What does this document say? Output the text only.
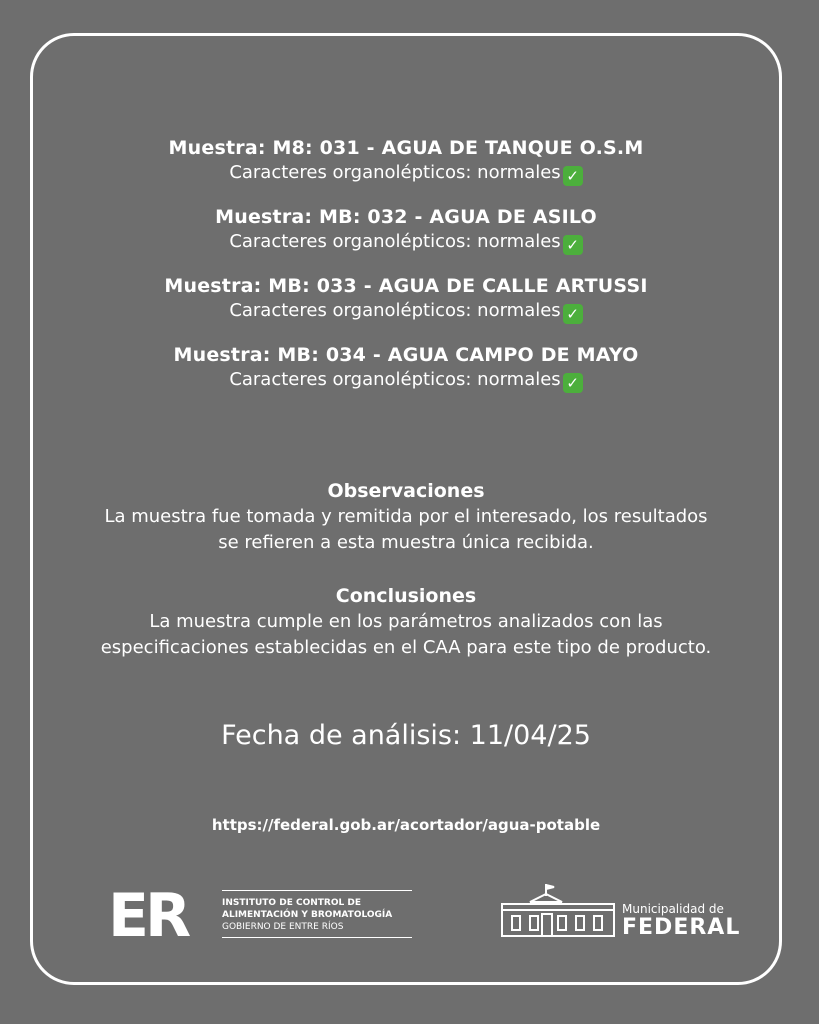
Muestra: M8: 031 - AGUA DE TANQUE O.S.M
Caracteres organolépticos: normales ✓
Muestra: MB: 032 - AGUA DE ASILO
Caracteres organolépticos: normales ✓
Muestra: MB: 033 - AGUA DE CALLE ARTUSSI
Caracteres organolépticos: normales ✓
Muestra: MB: 034 - AGUA CAMPO DE MAYO
Caracteres organolépticos: normales ✓
Observaciones
La muestra fue tomada y remitida por el interesado, los resultados se refieren a esta muestra única recibida.
Conclusiones
La muestra cumple en los parámetros analizados con las especificaciones establecidas en el CAA para este tipo de producto.
Fecha de análisis: 11/04/25
https://federal.gob.ar/acortador/agua-potable
ER	INSTITUTO DE CONTROL DE
ALIMENTACIÓN Y BROMATOLOGÍA
GOBIERNO DE ENTRE RÍOS
Municipalidad de
FEDERAL
